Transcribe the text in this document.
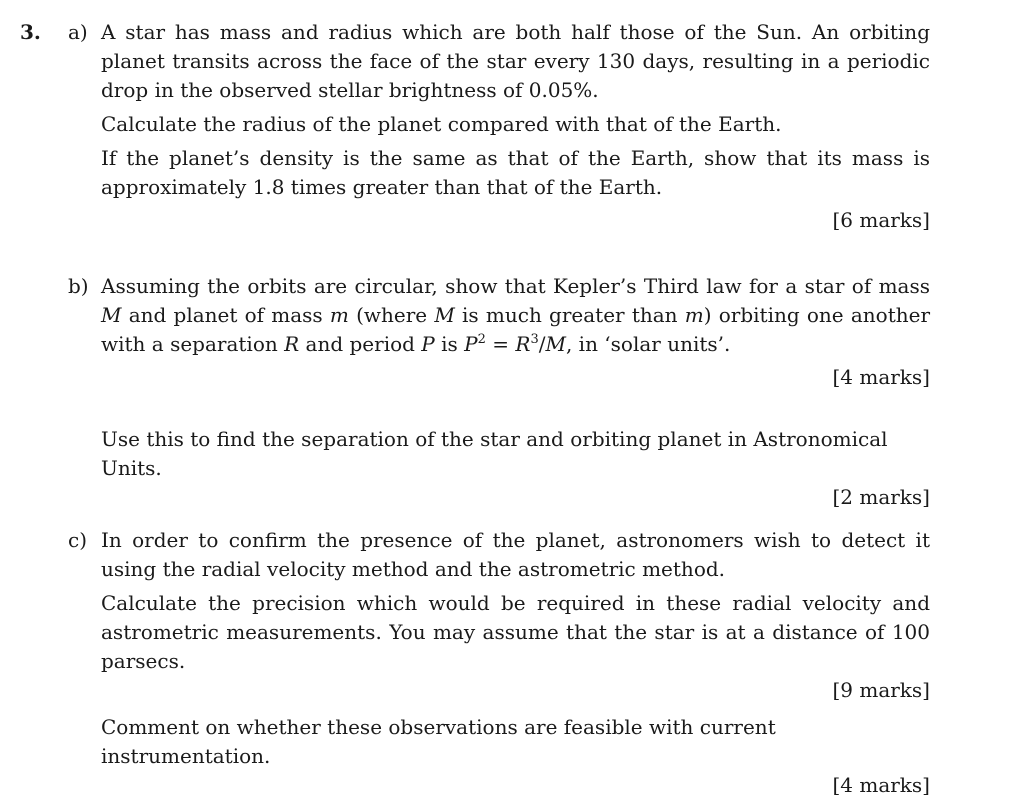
3. a) A star has mass and radius which are both half those of the Sun. An orbiting planet transits across the face of the star every 130 days, resulting in a periodic drop in the observed stellar brightness of 0.05%.
Calculate the radius of the planet compared with that of the Earth.
If the planet’s density is the same as that of the Earth, show that its mass is approximately 1.8 times greater than that of the Earth.
[6 marks]
b) Assuming the orbits are circular, show that Kepler’s Third law for a star of mass M and planet of mass m (where M is much greater than m) orbiting one another with a separation R and period P is $P^2 = R^3/M$, in ‘solar units’.
[4 marks]
Use this to find the separation of the star and orbiting planet in Astronomical Units.
[2 marks]
c) In order to confirm the presence of the planet, astronomers wish to detect it using the radial velocity method and the astrometric method.
Calculate the precision which would be required in these radial velocity and astrometric measurements. You may assume that the star is at a distance of 100 parsecs.
[9 marks]
Comment on whether these observations are feasible with current instrumentation.
[4 marks]
